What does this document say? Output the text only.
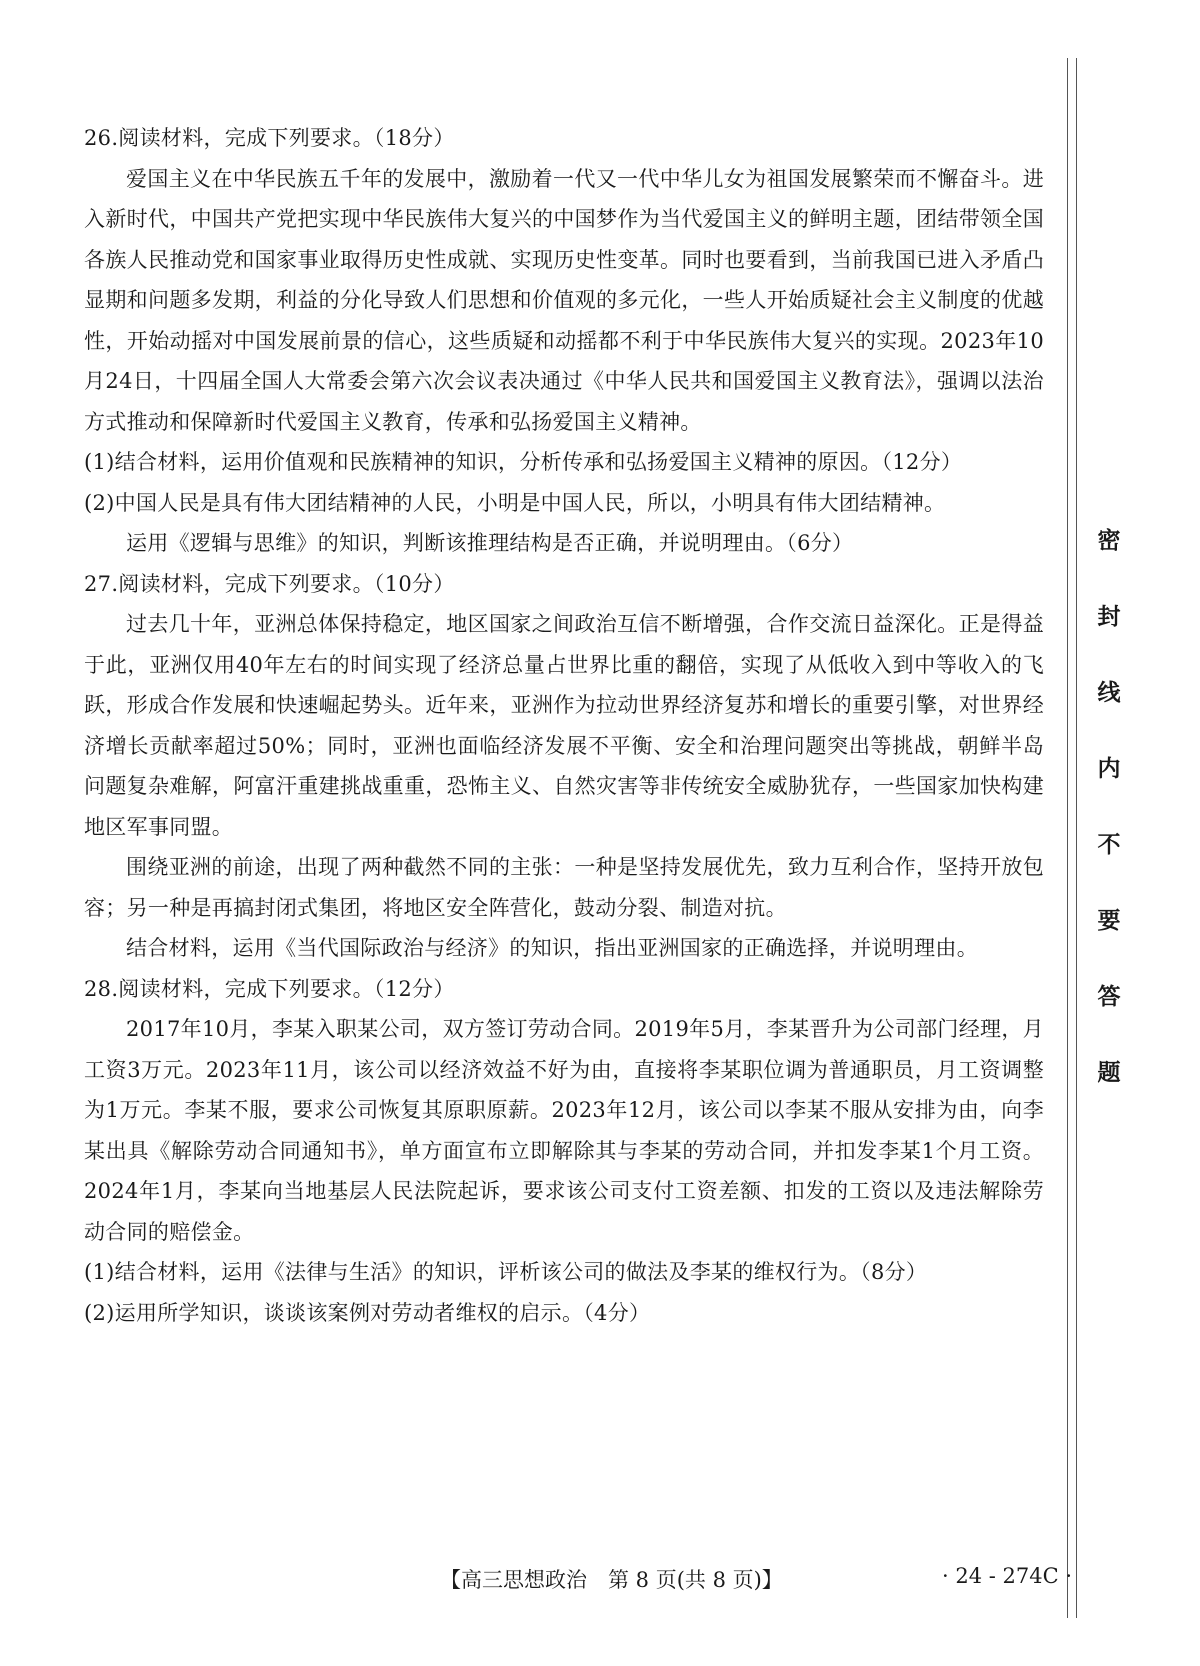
26.阅读材料，完成下列要求。（18分）

爱国主义在中华民族五千年的发展中，激励着一代又一代中华儿女为祖国发展繁荣而不懈奋斗。进入新时代，中国共产党把实现中华民族伟大复兴的中国梦作为当代爱国主义的鲜明主题，团结带领全国各族人民推动党和国家事业取得历史性成就、实现历史性变革。同时也要看到，当前我国已进入矛盾凸显期和问题多发期，利益的分化导致人们思想和价值观的多元化，一些人开始质疑社会主义制度的优越性，开始动摇对中国发展前景的信心，这些质疑和动摇都不利于中华民族伟大复兴的实现。2023年10月24日，十四届全国人大常委会第六次会议表决通过《中华人民共和国爱国主义教育法》，强调以法治方式推动和保障新时代爱国主义教育，传承和弘扬爱国主义精神。

(1)结合材料，运用价值观和民族精神的知识，分析传承和弘扬爱国主义精神的原因。（12分）

(2)中国人民是具有伟大团结精神的人民，小明是中国人民，所以，小明具有伟大团结精神。

运用《逻辑与思维》的知识，判断该推理结构是否正确，并说明理由。（6分）

27.阅读材料，完成下列要求。（10分）

过去几十年，亚洲总体保持稳定，地区国家之间政治互信不断增强，合作交流日益深化。正是得益于此，亚洲仅用40年左右的时间实现了经济总量占世界比重的翻倍，实现了从低收入到中等收入的飞跃，形成合作发展和快速崛起势头。近年来，亚洲作为拉动世界经济复苏和增长的重要引擎，对世界经济增长贡献率超过50%；同时，亚洲也面临经济发展不平衡、安全和治理问题突出等挑战，朝鲜半岛问题复杂难解，阿富汗重建挑战重重，恐怖主义、自然灾害等非传统安全威胁犹存，一些国家加快构建地区军事同盟。

围绕亚洲的前途，出现了两种截然不同的主张：一种是坚持发展优先，致力互利合作，坚持开放包容；另一种是再搞封闭式集团，将地区安全阵营化，鼓动分裂、制造对抗。

结合材料，运用《当代国际政治与经济》的知识，指出亚洲国家的正确选择，并说明理由。

28.阅读材料，完成下列要求。（12分）

2017年10月，李某入职某公司，双方签订劳动合同。2019年5月，李某晋升为公司部门经理，月工资3万元。2023年11月，该公司以经济效益不好为由，直接将李某职位调为普通职员，月工资调整为1万元。李某不服，要求公司恢复其原职原薪。2023年12月，该公司以李某不服从安排为由，向李某出具《解除劳动合同通知书》，单方面宣布立即解除其与李某的劳动合同，并扣发李某1个月工资。2024年1月，李某向当地基层人民法院起诉，要求该公司支付工资差额、扣发的工资以及违法解除劳动合同的赔偿金。

(1)结合材料，运用《法律与生活》的知识，评析该公司的做法及李某的维权行为。（8分）

(2)运用所学知识，谈谈该案例对劳动者维权的启示。（4分）

密
封
线
内
不
要
答
题
【高三思想政治　第 8 页(共 8 页)】	· 24 - 274C ·
